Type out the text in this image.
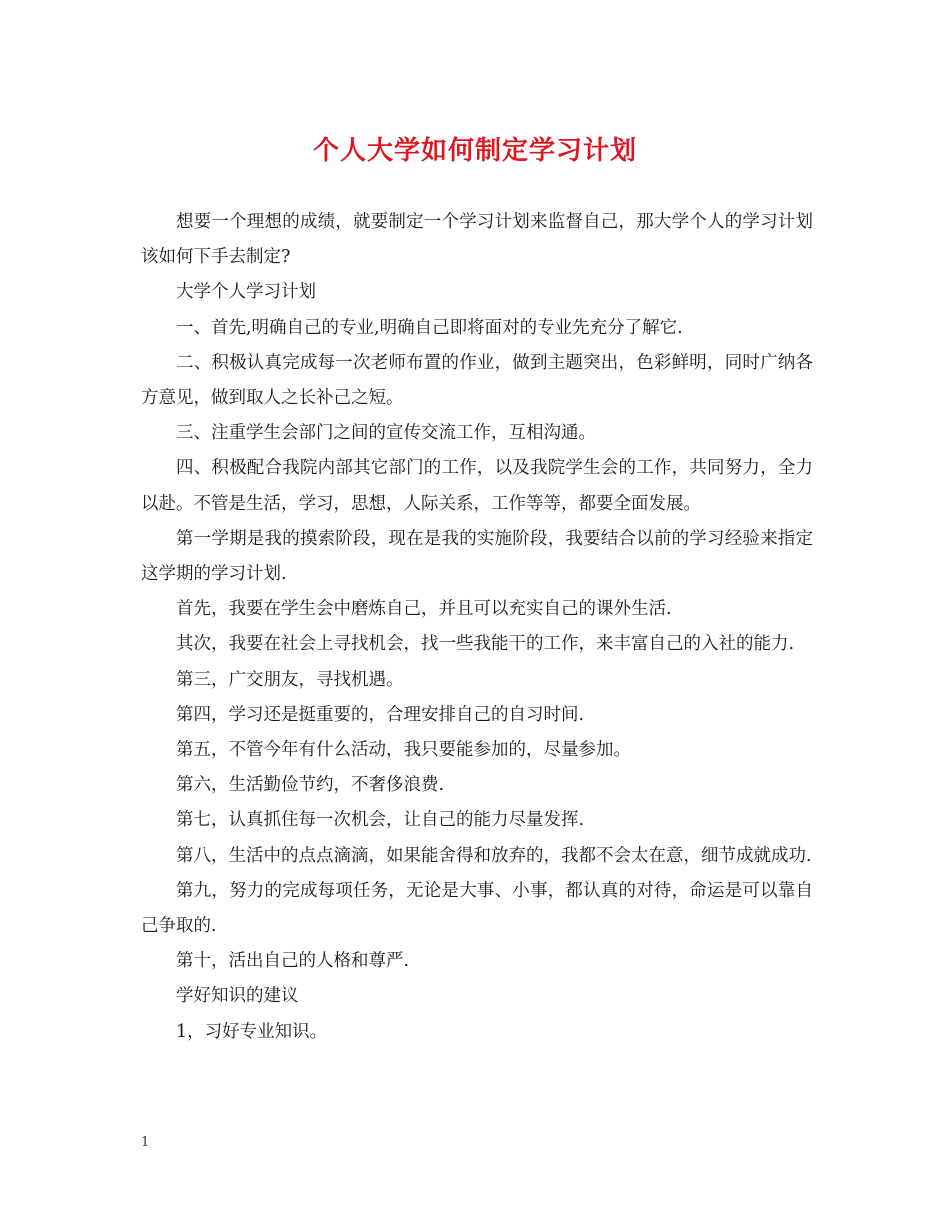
个人大学如何制定学习计划

想要一个理想的成绩，就要制定一个学习计划来监督自己，那大学个人的学习计划该如何下手去制定?

大学个人学习计划

一、首先,明确自己的专业,明确自己即将面对的专业先充分了解它.

二、积极认真完成每一次老师布置的作业，做到主题突出，色彩鲜明，同时广纳各方意见，做到取人之长补己之短。

三、注重学生会部门之间的宣传交流工作，互相沟通。

四、积极配合我院内部其它部门的工作，以及我院学生会的工作，共同努力，全力以赴。不管是生活，学习，思想，人际关系，工作等等，都要全面发展。

第一学期是我的摸索阶段，现在是我的实施阶段，我要结合以前的学习经验来指定这学期的学习计划.

首先，我要在学生会中磨炼自己，并且可以充实自己的课外生活.

其次，我要在社会上寻找机会，找一些我能干的工作，来丰富自己的入社的能力.

第三，广交朋友，寻找机遇。

第四，学习还是挺重要的，合理安排自己的自习时间.

第五，不管今年有什么活动，我只要能参加的，尽量参加。

第六，生活勤俭节约，不奢侈浪费.

第七，认真抓住每一次机会，让自己的能力尽量发挥.

第八，生活中的点点滴滴，如果能舍得和放弃的，我都不会太在意，细节成就成功.

第九，努力的完成每项任务，无论是大事、小事，都认真的对待，命运是可以靠自己争取的.

第十，活出自己的人格和尊严.

学好知识的建议

1，习好专业知识。

1
